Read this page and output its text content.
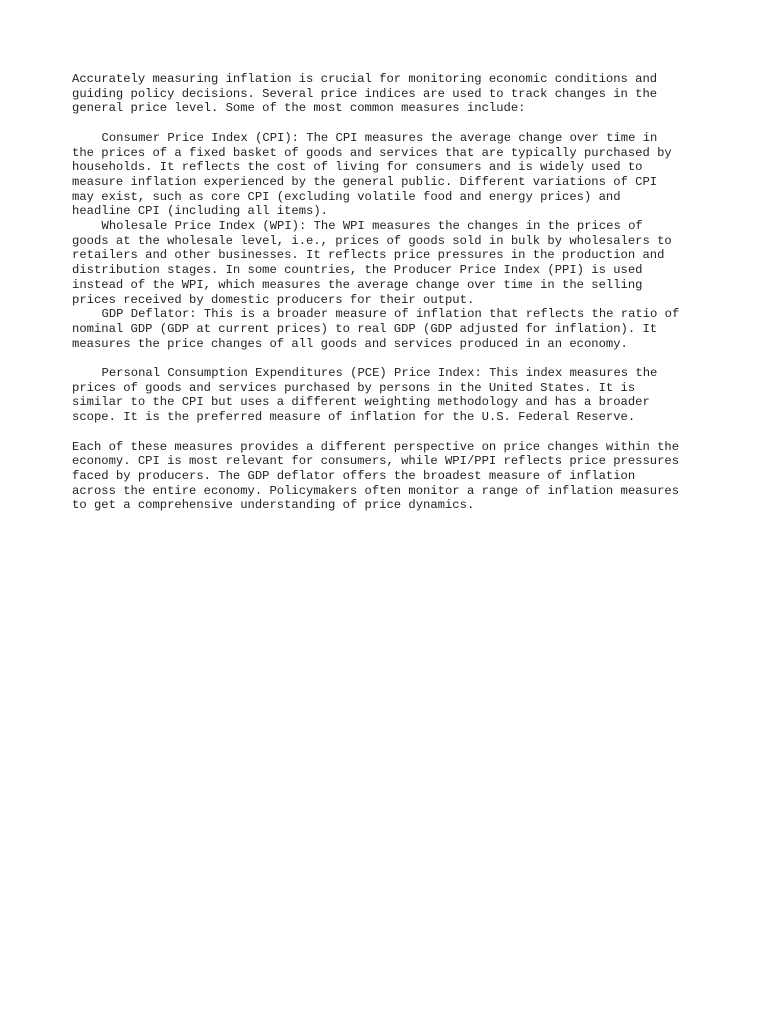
Accurately measuring inflation is crucial for monitoring economic conditions and
guiding policy decisions. Several price indices are used to track changes in the
general price level. Some of the most common measures include:

Consumer Price Index (CPI): The CPI measures the average change over time in
the prices of a fixed basket of goods and services that are typically purchased by
households. It reflects the cost of living for consumers and is widely used to
measure inflation experienced by the general public. Different variations of CPI
may exist, such as core CPI (excluding volatile food and energy prices) and
headline CPI (including all items).

Wholesale Price Index (WPI): The WPI measures the changes in the prices of
goods at the wholesale level, i.e., prices of goods sold in bulk by wholesalers to
retailers and other businesses. It reflects price pressures in the production and
distribution stages. In some countries, the Producer Price Index (PPI) is used
instead of the WPI, which measures the average change over time in the selling
prices received by domestic producers for their output.

GDP Deflator: This is a broader measure of inflation that reflects the ratio of
nominal GDP (GDP at current prices) to real GDP (GDP adjusted for inflation). It
measures the price changes of all goods and services produced in an economy.

Personal Consumption Expenditures (PCE) Price Index: This index measures the
prices of goods and services purchased by persons in the United States. It is
similar to the CPI but uses a different weighting methodology and has a broader
scope. It is the preferred measure of inflation for the U.S. Federal Reserve.

Each of these measures provides a different perspective on price changes within the
economy. CPI is most relevant for consumers, while WPI/PPI reflects price pressures
faced by producers. The GDP deflator offers the broadest measure of inflation
across the entire economy. Policymakers often monitor a range of inflation measures
to get a comprehensive understanding of price dynamics.
